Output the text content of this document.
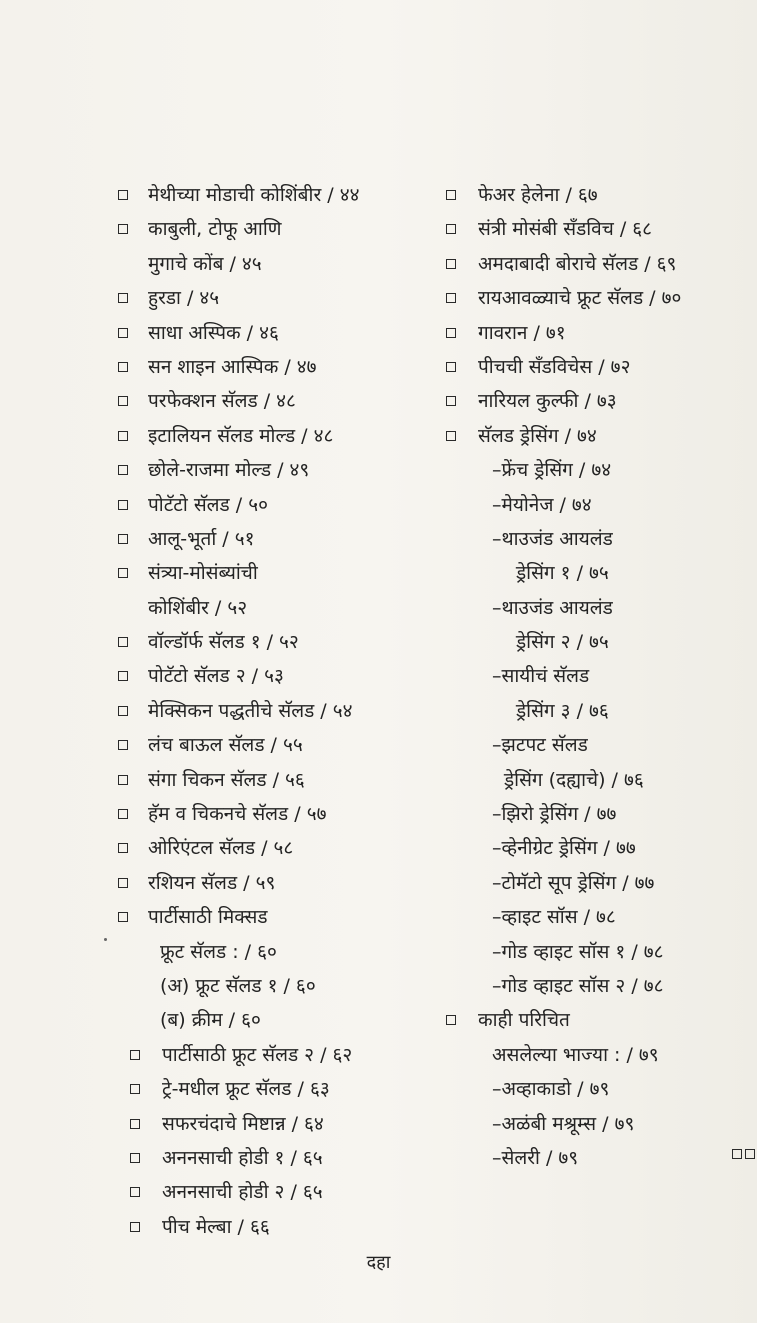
मेथीच्या मोडाची कोशिंबीर / ४४
काबुली, टोफू आणि
मुगाचे कोंब / ४५
हुरडा / ४५
साधा अस्पिक / ४६
सन शाइन आस्पिक / ४७
परफेक्शन सॅलड / ४८
इटालियन सॅलड मोल्ड / ४८
छोले-राजमा मोल्ड / ४९
पोटॅटो सॅलड / ५०
आलू-भूर्ता / ५१
संत्र्या-मोसंब्यांची
कोशिंबीर / ५२
वॉल्डॉर्फ सॅलड १ / ५२
पोटॅटो सॅलड २ / ५३
मेक्सिकन पद्धतीचे सॅलड / ५४
लंच बाऊल सॅलड / ५५
संगा चिकन सॅलड / ५६
हॅम व चिकनचे सॅलड / ५७
ओरिएंटल सॅलड / ५८
रशियन सॅलड / ५९
पार्टीसाठी मिक्सड
फ्रूट सॅलड : / ६०
(अ) फ्रूट सॅलड १ / ६०
(ब) क्रीम / ६०
पार्टीसाठी फ्रूट सॅलड २ / ६२
ट्रे-मधील फ्रूट सॅलड / ६३
सफरचंदाचे मिष्टान्न / ६४
अननसाची होडी १ / ६५
अननसाची होडी २ / ६५
पीच मेल्बा / ६६
फेअर हेलेना / ६७
संत्री मोसंबी सँडविच / ६८
अमदाबादी बोराचे सॅलड / ६९
रायआवळ्याचे फ्रूट सॅलड / ७०
गावरान / ७१
पीचची सँडविचेस / ७२
नारियल कुल्फी / ७३
सॅलड ड्रेसिंग / ७४
–फ्रेंच ड्रेसिंग / ७४
–मेयोनेज / ७४
–थाउजंड आयलंड
ड्रेसिंग १ / ७५
–थाउजंड आयलंड
ड्रेसिंग २ / ७५
–सायीचं सॅलड
ड्रेसिंग ३ / ७६
–झटपट सॅलड
ड्रेसिंग (दह्याचे) / ७६
–झिरो ड्रेसिंग / ७७
–व्हेनीग्रेट ड्रेसिंग / ७७
–टोमॅटो सूप ड्रेसिंग / ७७
–व्हाइट सॉस / ७८
–गोड व्हाइट सॉस १ / ७८
–गोड व्हाइट सॉस २ / ७८
काही परिचित
असलेल्या भाज्या : / ७९
–अव्हाकाडो / ७९
–अळंबी मश्रूम्स / ७९
–सेलरी / ७९
दहा
